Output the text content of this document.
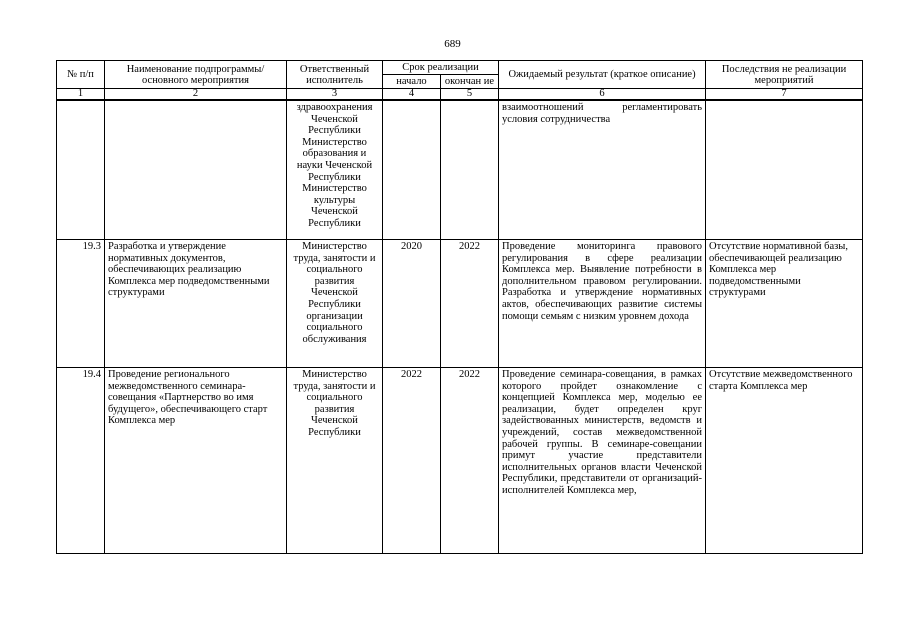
689
№ п/п	Наименование подпрограммы/ основного мероприятия	Ответственный исполнитель	Срок реализации		Ожидаемый результат (краткое описание)	Последствия не реализации мероприятий
			начало	окончан ие		
1	2	3	4	5	6	7
		здравоохранения Чеченской Республики Министерство образования и науки Чеченской Республики Министерство культуры Чеченской Республики			взаимоотношений регламентировать условия сотрудничества	
19.3	Разработка и утверждение нормативных документов, обеспечивающих реализацию Комплекса мер подведомственными структурами	Министерство труда, занятости и социального развития Чеченской Республики организации социального обслуживания	2020	2022	Проведение мониторинга правового регулирования в сфере реализации Комплекса мер. Выявление потребности в дополнительном правовом регулировании. Разработка и утверждение нормативных актов, обеспечивающих развитие системы помощи семьям с низким уровнем дохода	Отсутствие нормативной базы, обеспечивающей реализацию Комплекса мер подведомственными структурами
19.4	Проведение регионального межведомственного семинара-совещания «Партнерство во имя будущего», обеспечивающего старт Комплекса мер	Министерство труда, занятости и социального развития Чеченской Республики	2022	2022	Проведение семинара-совещания, в рамках которого пройдет ознакомление с концепцией Комплекса мер, моделью ее реализации, будет определен круг задействованных министерств, ведомств и учреждений, состав межведомственной рабочей группы. В семинаре-совещании примут участие представители исполнительных органов власти Чеченской Республики, представители от организаций-исполнителей Комплекса мер,	Отсутствие межведомственного старта Комплекса мер
